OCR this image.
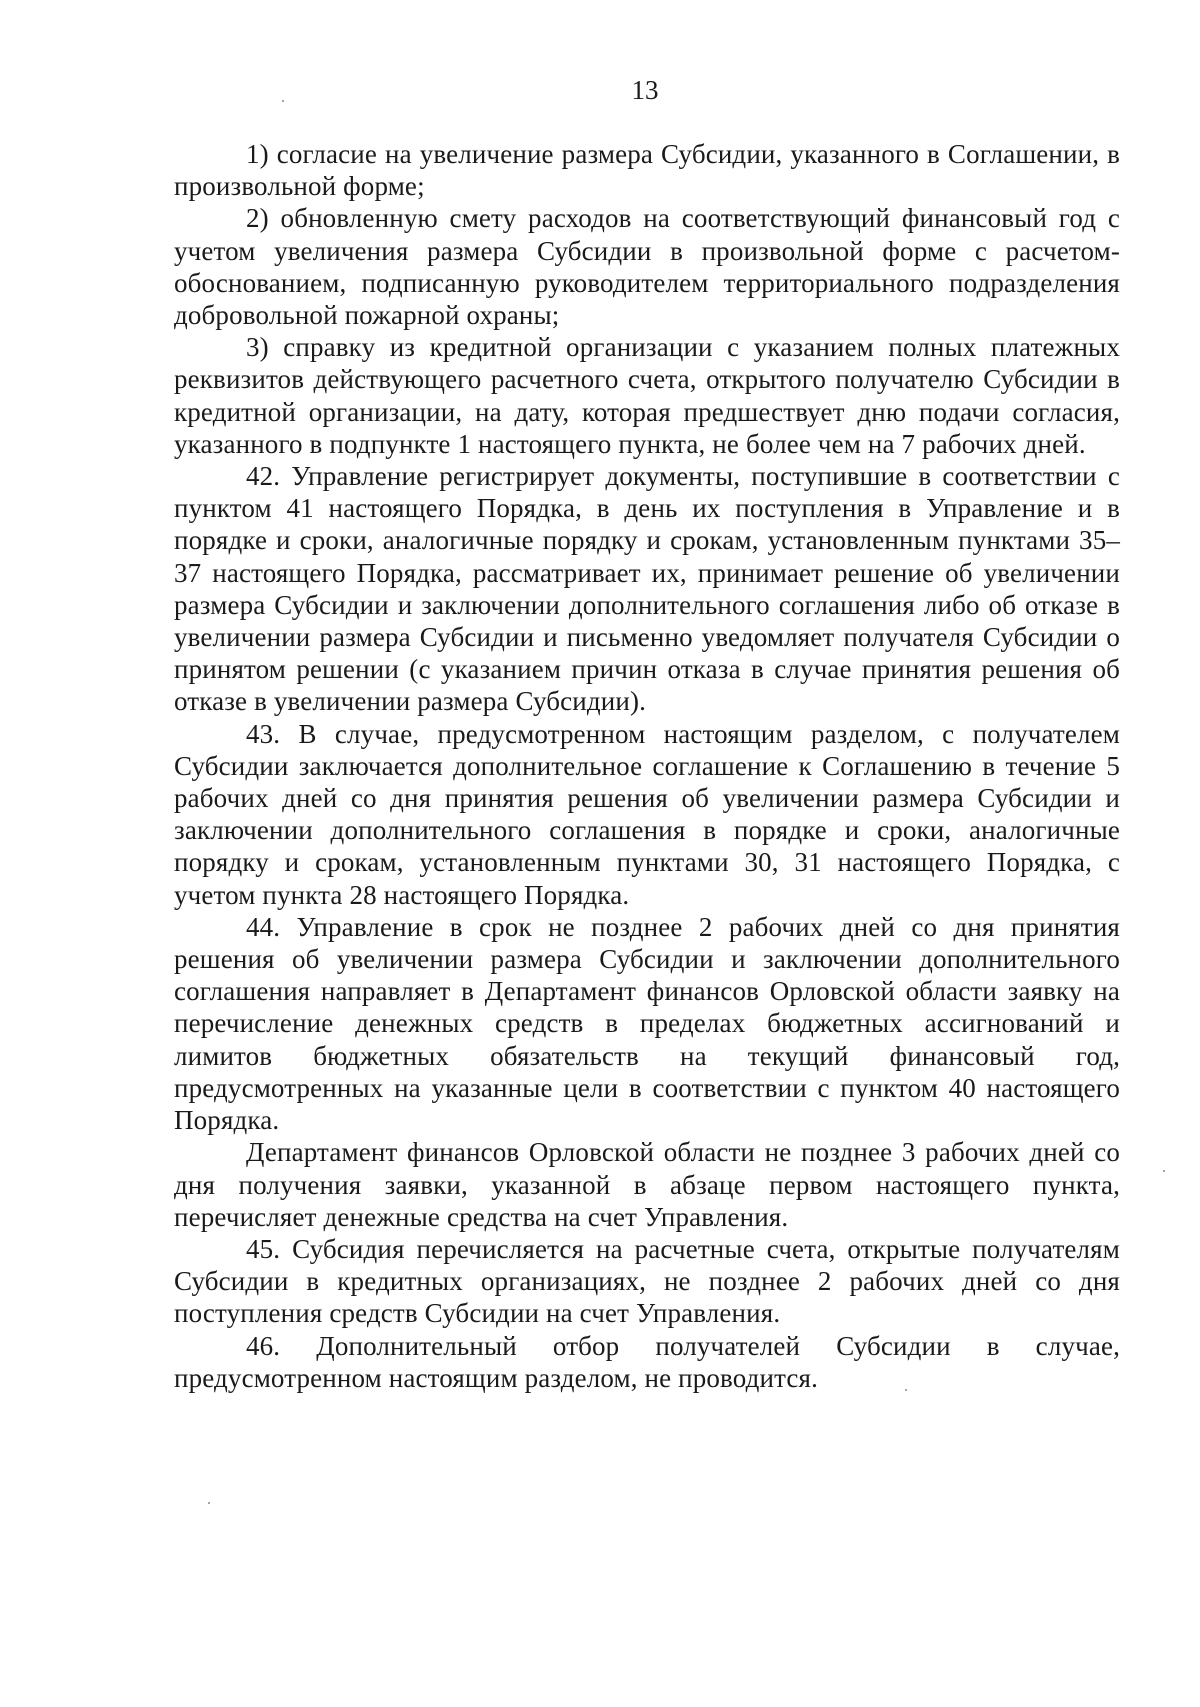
13

1) согласие на увеличение размера Субсидии, указанного в Соглашении, в произвольной форме;

2) обновленную смету расходов на соответствующий финансовый год с учетом увеличения размера Субсидии в произвольной форме с расчетом-обоснованием, подписанную руководителем территориального подразделения добровольной пожарной охраны;

3) справку из кредитной организации с указанием полных платежных реквизитов действующего расчетного счета, открытого получателю Субсидии в кредитной организации, на дату, которая предшествует дню подачи согласия, указанного в подпункте 1 настоящего пункта, не более чем на 7 рабочих дней.

42. Управление регистрирует документы, поступившие в соответствии с пунктом 41 настоящего Порядка, в день их поступления в Управление и в порядке и сроки, аналогичные порядку и срокам, установленным пунктами 35–37 настоящего Порядка, рассматривает их, принимает решение об увеличении размера Субсидии и заключении дополнительного соглашения либо об отказе в увеличении размера Субсидии и письменно уведомляет получателя Субсидии о принятом решении (с указанием причин отказа в случае принятия решения об отказе в увеличении размера Субсидии).

43. В случае, предусмотренном настоящим разделом, с получателем Субсидии заключается дополнительное соглашение к Соглашению в течение 5 рабочих дней со дня принятия решения об увеличении размера Субсидии и заключении дополнительного соглашения в порядке и сроки, аналогичные порядку и срокам, установленным пунктами 30, 31 настоящего Порядка, с учетом пункта 28 настоящего Порядка.

44. Управление в срок не позднее 2 рабочих дней со дня принятия решения об увеличении размера Субсидии и заключении дополнительного соглашения направляет в Департамент финансов Орловской области заявку на перечисление денежных средств в пределах бюджетных ассигнований и лимитов бюджетных обязательств на текущий финансовый год, предусмотренных на указанные цели в соответствии с пунктом 40 настоящего Порядка.

Департамент финансов Орловской области не позднее 3 рабочих дней со дня получения заявки, указанной в абзаце первом настоящего пункта, перечисляет денежные средства на счет Управления.

45. Субсидия перечисляется на расчетные счета, открытые получателям Субсидии в кредитных организациях, не позднее 2 рабочих дней со дня поступления средств Субсидии на счет Управления.

46. Дополнительный отбор получателей Субсидии в случае, предусмотренном настоящим разделом, не проводится.
